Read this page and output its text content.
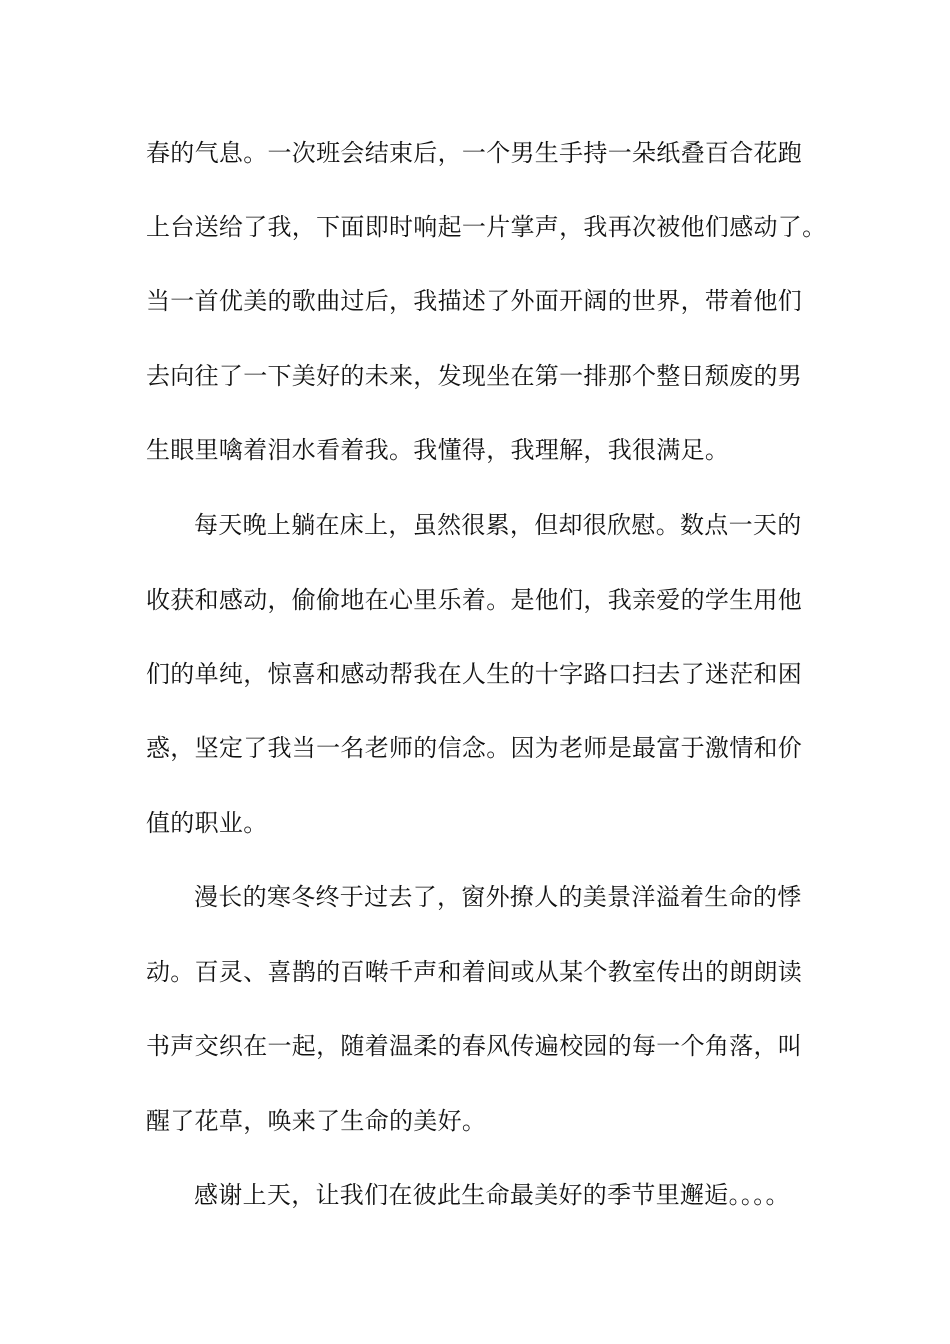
春的气息。一次班会结束后，一个男生手持一朵纸叠百合花跑
上台送给了我，下面即时响起一片掌声，我再次被他们感动了。
当一首优美的歌曲过后，我描述了外面开阔的世界，带着他们
去向往了一下美好的未来，发现坐在第一排那个整日颓废的男
生眼里噙着泪水看着我。我懂得，我理解，我很满足。
每天晚上躺在床上，虽然很累，但却很欣慰。数点一天的
收获和感动，偷偷地在心里乐着。是他们，我亲爱的学生用他
们的单纯，惊喜和感动帮我在人生的十字路口扫去了迷茫和困
惑，坚定了我当一名老师的信念。因为老师是最富于激情和价
值的职业。
漫长的寒冬终于过去了，窗外撩人的美景洋溢着生命的悸
动。百灵、喜鹊的百啭千声和着间或从某个教室传出的朗朗读
书声交织在一起，随着温柔的春风传遍校园的每一个角落，叫
醒了花草，唤来了生命的美好。
感谢上天，让我们在彼此生命最美好的季节里邂逅。。。。
